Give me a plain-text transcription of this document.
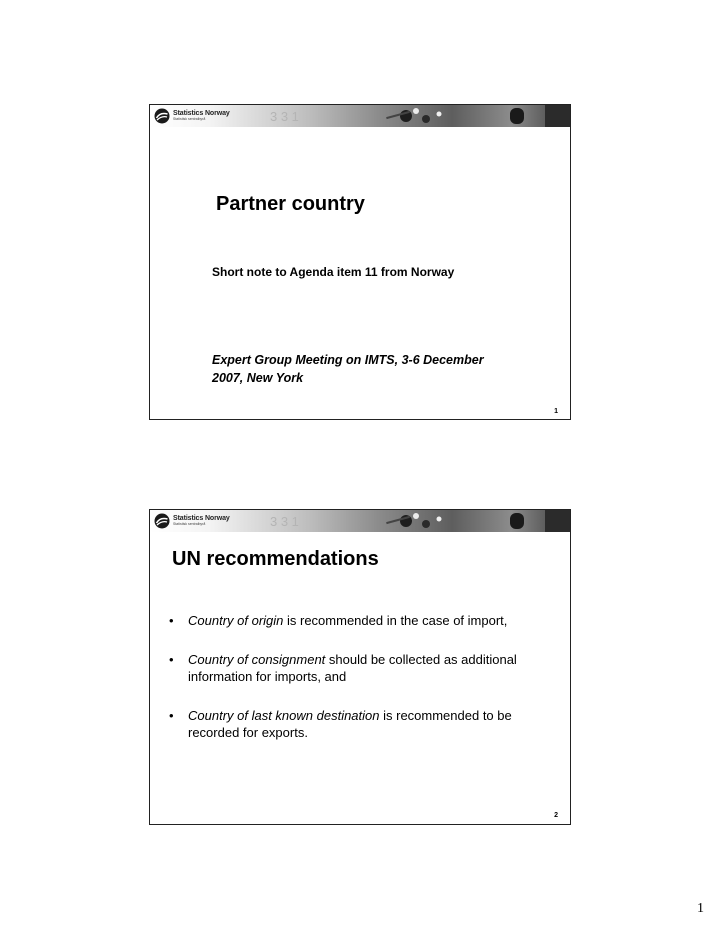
3 3 1
Statistics Norway
Statistisk sentralbyrå
Partner country
Short note to Agenda item 11 from Norway
Expert Group Meeting on IMTS, 3-6 December
2007, New York
1
3 3 1
Statistics Norway
Statistisk sentralbyrå
UN recommendations
• Country of origin is recommended in the case of import,
• Country of consignment should be collected as additional information for imports, and
• Country of last known destination is recommended to be recorded for exports.
2
1
